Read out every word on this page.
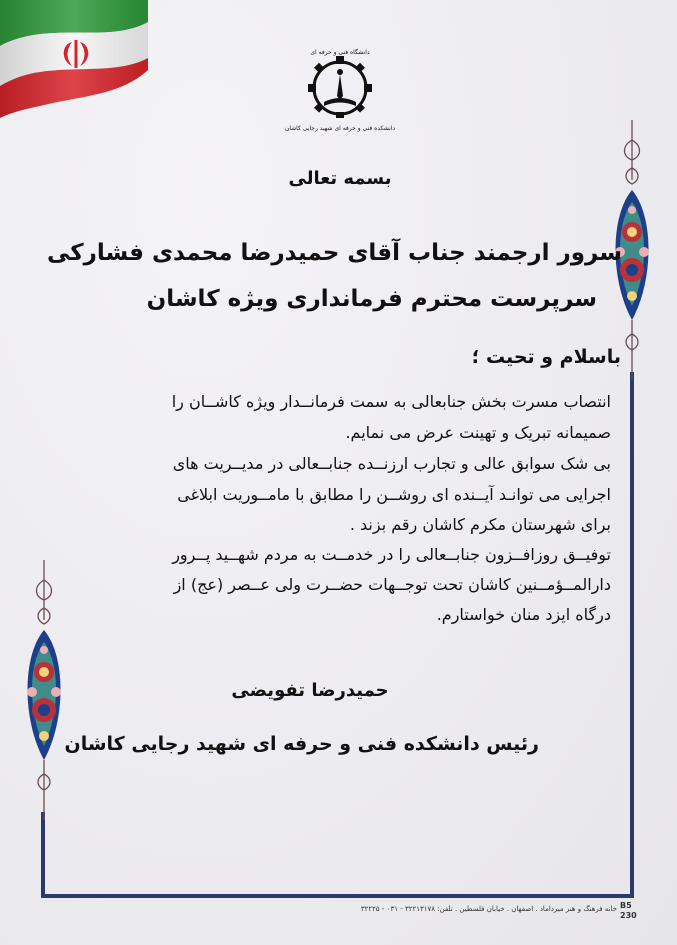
دانشکده فنی و حرفه ای شهید رجایی کاشان
دانشگاه فنی و حرفه ای
بسمه تعالی
سرور ارجمند جناب آقای حمیدرضا محمدی فشارکی
سرپرست محترم فرمانداری ویژه کاشان
باسلام و تحیت ؛
انتصاب مسرت بخش جنابعالی به سمت فرمانــدار ویژه کاشــان را
صمیمانه تبریک و تهینت عرض می نمایم.
بی شک سوابق عالی و تجارب ارزنــده جنابــعالی در مدیــریت های
اجرایی می توانـد آیــنده ای روشــن را مطابق با مامــوریت ابلاغی
برای شهرستان مکرم کاشان رقم بزند .
توفیــق روزافــزون جنابــعالی را در خدمــت به مردم شهــید پــرور
دارالمــؤمــنین کاشان تحت توجــهات حضــرت ولی عــصر (عج) از
درگاه ایزد منان خواستارم.
حمیدرضا تفویضی
رئیس دانشکده فنی و حرفه ای شهید رجایی کاشان
خانه فرهنگ و هنر میرداماد . اصفهان . خیابان فلسطین . تلفن: ۳۲۲۱۳۱۷۸ - ۰۳۱ - ۳۲۲۲۵ B5
230
